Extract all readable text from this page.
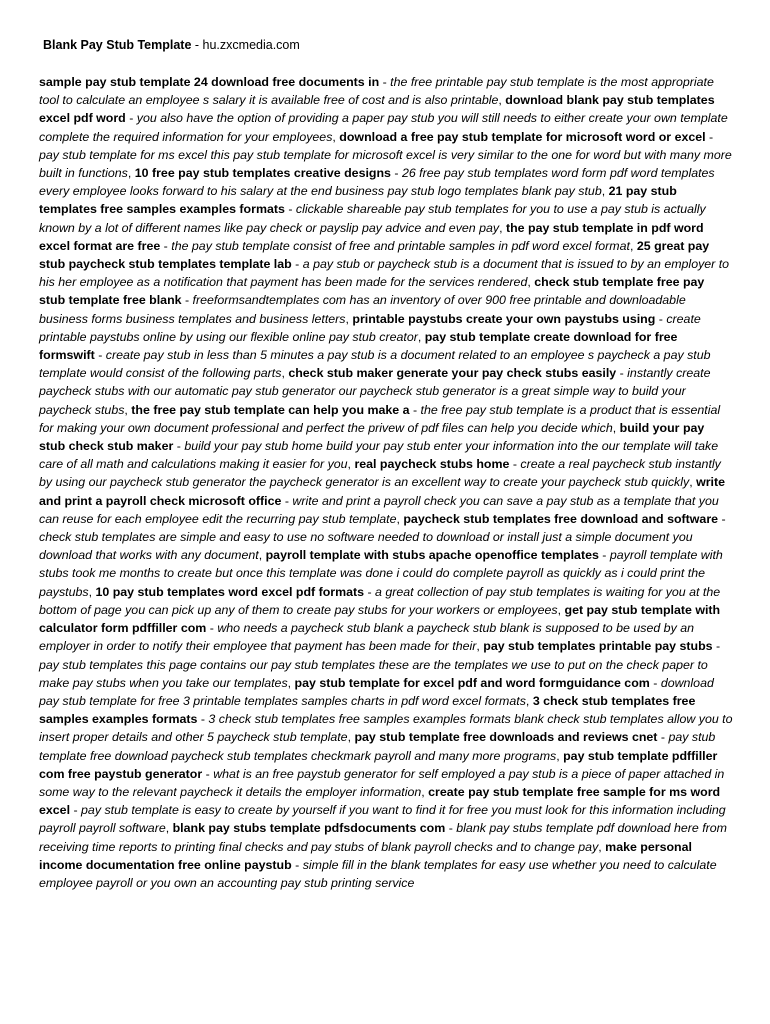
Blank Pay Stub Template - hu.zxcmedia.com
sample pay stub template 24 download free documents in - the free printable pay stub template is the most appropriate tool to calculate an employee s salary it is available free of cost and is also printable, download blank pay stub templates excel pdf word - you also have the option of providing a paper pay stub you will still needs to either create your own template complete the required information for your employees, download a free pay stub template for microsoft word or excel - pay stub template for ms excel this pay stub template for microsoft excel is very similar to the one for word but with many more built in functions, 10 free pay stub templates creative designs - 26 free pay stub templates word form pdf word templates every employee looks forward to his salary at the end business pay stub logo templates blank pay stub, 21 pay stub templates free samples examples formats - clickable shareable pay stub templates for you to use a pay stub is actually known by a lot of different names like pay check or payslip pay advice and even pay, the pay stub template in pdf word excel format are free - the pay stub template consist of free and printable samples in pdf word excel format, 25 great pay stub paycheck stub templates template lab - a pay stub or paycheck stub is a document that is issued to by an employer to his her employee as a notification that payment has been made for the services rendered, check stub template free pay stub template free blank - freeformsandtemplates com has an inventory of over 900 free printable and downloadable business forms business templates and business letters, printable paystubs create your own paystubs using - create printable paystubs online by using our flexible online pay stub creator, pay stub template create download for free formswift - create pay stub in less than 5 minutes a pay stub is a document related to an employee s paycheck a pay stub template would consist of the following parts, check stub maker generate your pay check stubs easily - instantly create paycheck stubs with our automatic pay stub generator our paycheck stub generator is a great simple way to build your paycheck stubs, the free pay stub template can help you make a - the free pay stub template is a product that is essential for making your own document professional and perfect the privew of pdf files can help you decide which, build your pay stub check stub maker - build your pay stub home build your pay stub enter your information into the our template will take care of all math and calculations making it easier for you, real paycheck stubs home - create a real paycheck stub instantly by using our paycheck stub generator the paycheck generator is an excellent way to create your paycheck stub quickly, write and print a payroll check microsoft office - write and print a payroll check you can save a pay stub as a template that you can reuse for each employee edit the recurring pay stub template, paycheck stub templates free download and software - check stub templates are simple and easy to use no software needed to download or install just a simple document you download that works with any document, payroll template with stubs apache openoffice templates - payroll template with stubs took me months to create but once this template was done i could do complete payroll as quickly as i could print the paystubs, 10 pay stub templates word excel pdf formats - a great collection of pay stub templates is waiting for you at the bottom of page you can pick up any of them to create pay stubs for your workers or employees, get pay stub template with calculator form pdffiller com - who needs a paycheck stub blank a paycheck stub blank is supposed to be used by an employer in order to notify their employee that payment has been made for their, pay stub templates printable pay stubs - pay stub templates this page contains our pay stub templates these are the templates we use to put on the check paper to make pay stubs when you take our templates, pay stub template for excel pdf and word formguidance com - download pay stub template for free 3 printable templates samples charts in pdf word excel formats, 3 check stub templates free samples examples formats - 3 check stub templates free samples examples formats blank check stub templates allow you to insert proper details and other 5 paycheck stub template, pay stub template free downloads and reviews cnet - pay stub template free download paycheck stub templates checkmark payroll and many more programs, pay stub template pdffiller com free paystub generator - what is an free paystub generator for self employed a pay stub is a piece of paper attached in some way to the relevant paycheck it details the employer information, create pay stub template free sample for ms word excel - pay stub template is easy to create by yourself if you want to find it for free you must look for this information including payroll payroll software, blank pay stubs template pdfsdocuments com - blank pay stubs template pdf download here from receiving time reports to printing final checks and pay stubs of blank payroll checks and to change pay, make personal income documentation free online paystub - simple fill in the blank templates for easy use whether you need to calculate employee payroll or you own an accounting pay stub printing service
